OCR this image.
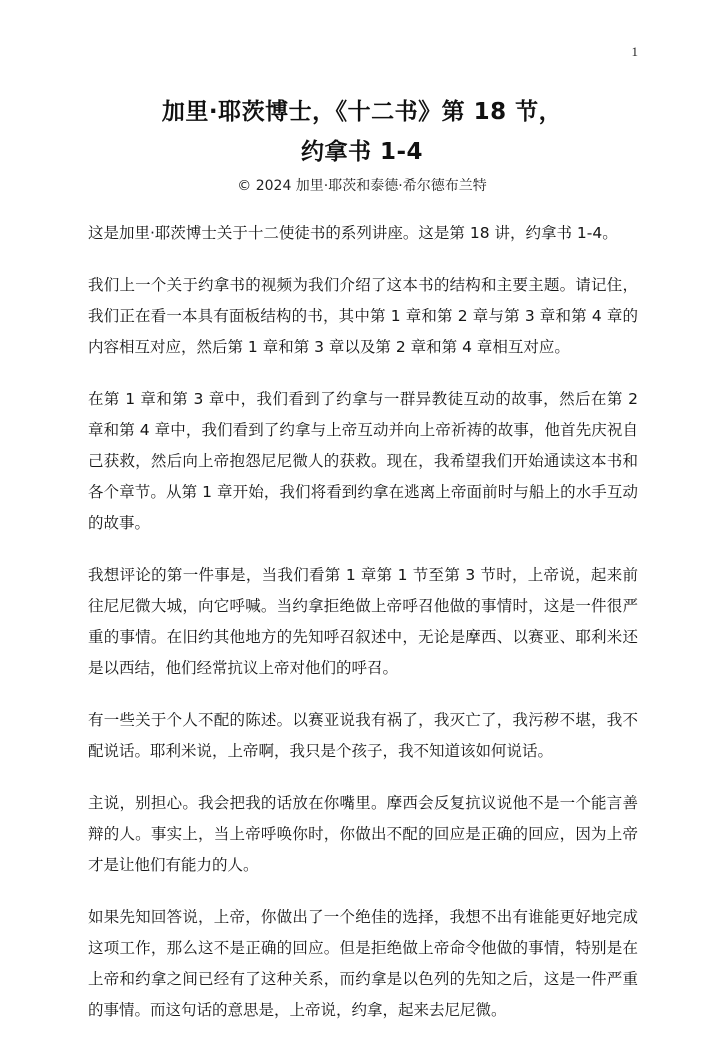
1
加里·耶茨博士，《十二书》第 18 节，
约拿书 1-4
© 2024 加里·耶茨和泰德·希尔德布兰特

这是加里·耶茨博士关于十二使徒书的系列讲座。这是第 18 讲，约拿书 1-4。

我们上一个关于约拿书的视频为我们介绍了这本书的结构和主要主题。请记住，我们正在看一本具有面板结构的书，其中第 1 章和第 2 章与第 3 章和第 4 章的内容相互对应，然后第 1 章和第 3 章以及第 2 章和第 4 章相互对应。

在第 1 章和第 3 章中，我们看到了约拿与一群异教徒互动的故事，然后在第 2 章和第 4 章中，我们看到了约拿与上帝互动并向上帝祈祷的故事，他首先庆祝自己获救，然后向上帝抱怨尼尼微人的获救。现在，我希望我们开始通读这本书和各个章节。从第 1 章开始，我们将看到约拿在逃离上帝面前时与船上的水手互动的故事。

我想评论的第一件事是，当我们看第 1 章第 1 节至第 3 节时，上帝说，起来前往尼尼微大城，向它呼喊。当约拿拒绝做上帝呼召他做的事情时，这是一件很严重的事情。在旧约其他地方的先知呼召叙述中，无论是摩西、以赛亚、耶利米还是以西结，他们经常抗议上帝对他们的呼召。

有一些关于个人不配的陈述。以赛亚说我有祸了，我灭亡了，我污秽不堪，我不配说话。耶利米说，上帝啊，我只是个孩子，我不知道该如何说话。

主说，别担心。我会把我的话放在你嘴里。摩西会反复抗议说他不是一个能言善辩的人。事实上，当上帝呼唤你时，你做出不配的回应是正确的回应，因为上帝才是让他们有能力的人。

如果先知回答说，上帝，你做出了一个绝佳的选择，我想不出有谁能更好地完成这项工作，那么这不是正确的回应。但是拒绝做上帝命令他做的事情，特别是在上帝和约拿之间已经有了这种关系，而约拿是以色列的先知之后，这是一件严重的事情。而这句话的意思是，上帝说，约拿，起来去尼尼微。
